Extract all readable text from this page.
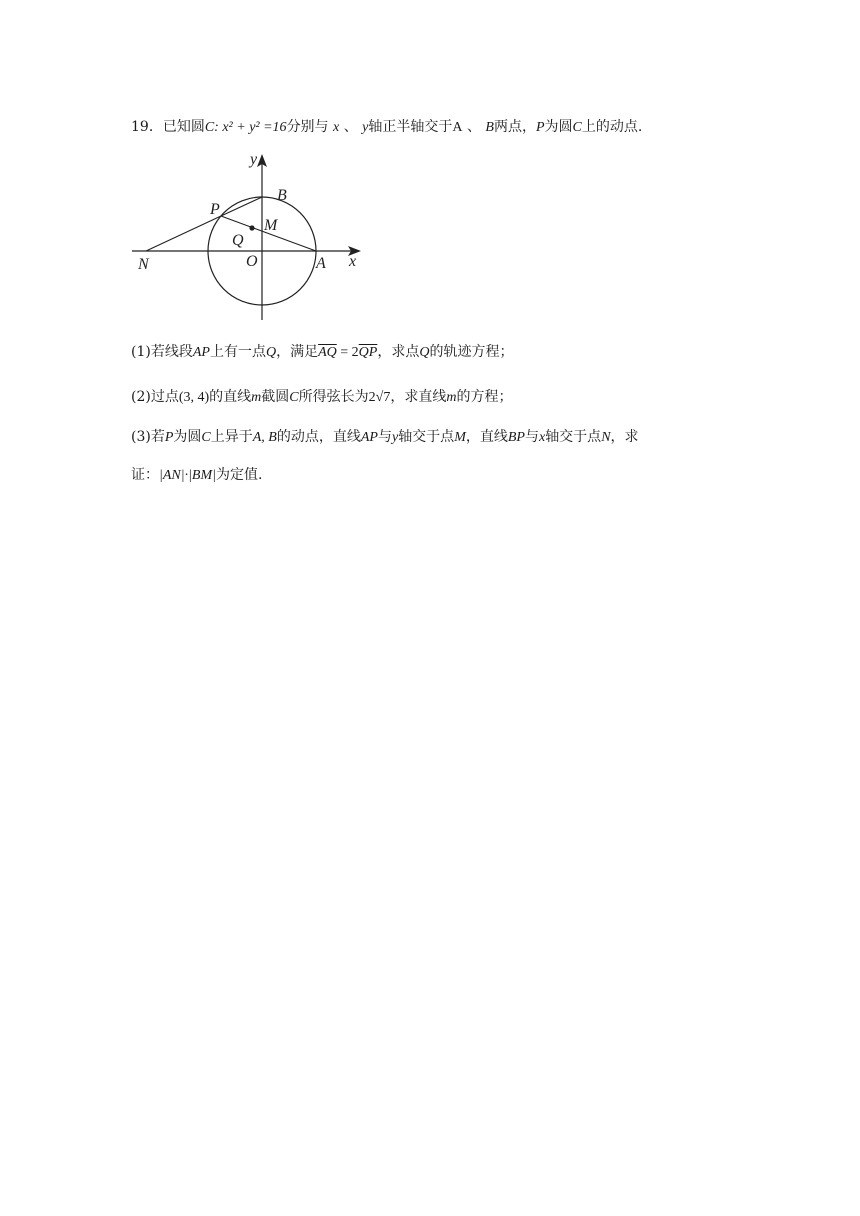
19．已知圆C: x² + y² =16分别与 x 、 y轴正半轴交于A 、 B两点，P为圆C上的动点.
y
B
P
M
Q
N	O	A x
(1)若线段AP上有一点Q，满足$\overline{AQ} = 2\overline{QP}$，求点Q的轨迹方程；
(2)过点(3, 4)的直线m截圆C所得弦长为2√7，求直线m的方程；
(3)若P为圆C上异于A, B的动点，直线AP与y轴交于点M，直线BP与x轴交于点N，求
证：|AN|·|BM|为定值.
